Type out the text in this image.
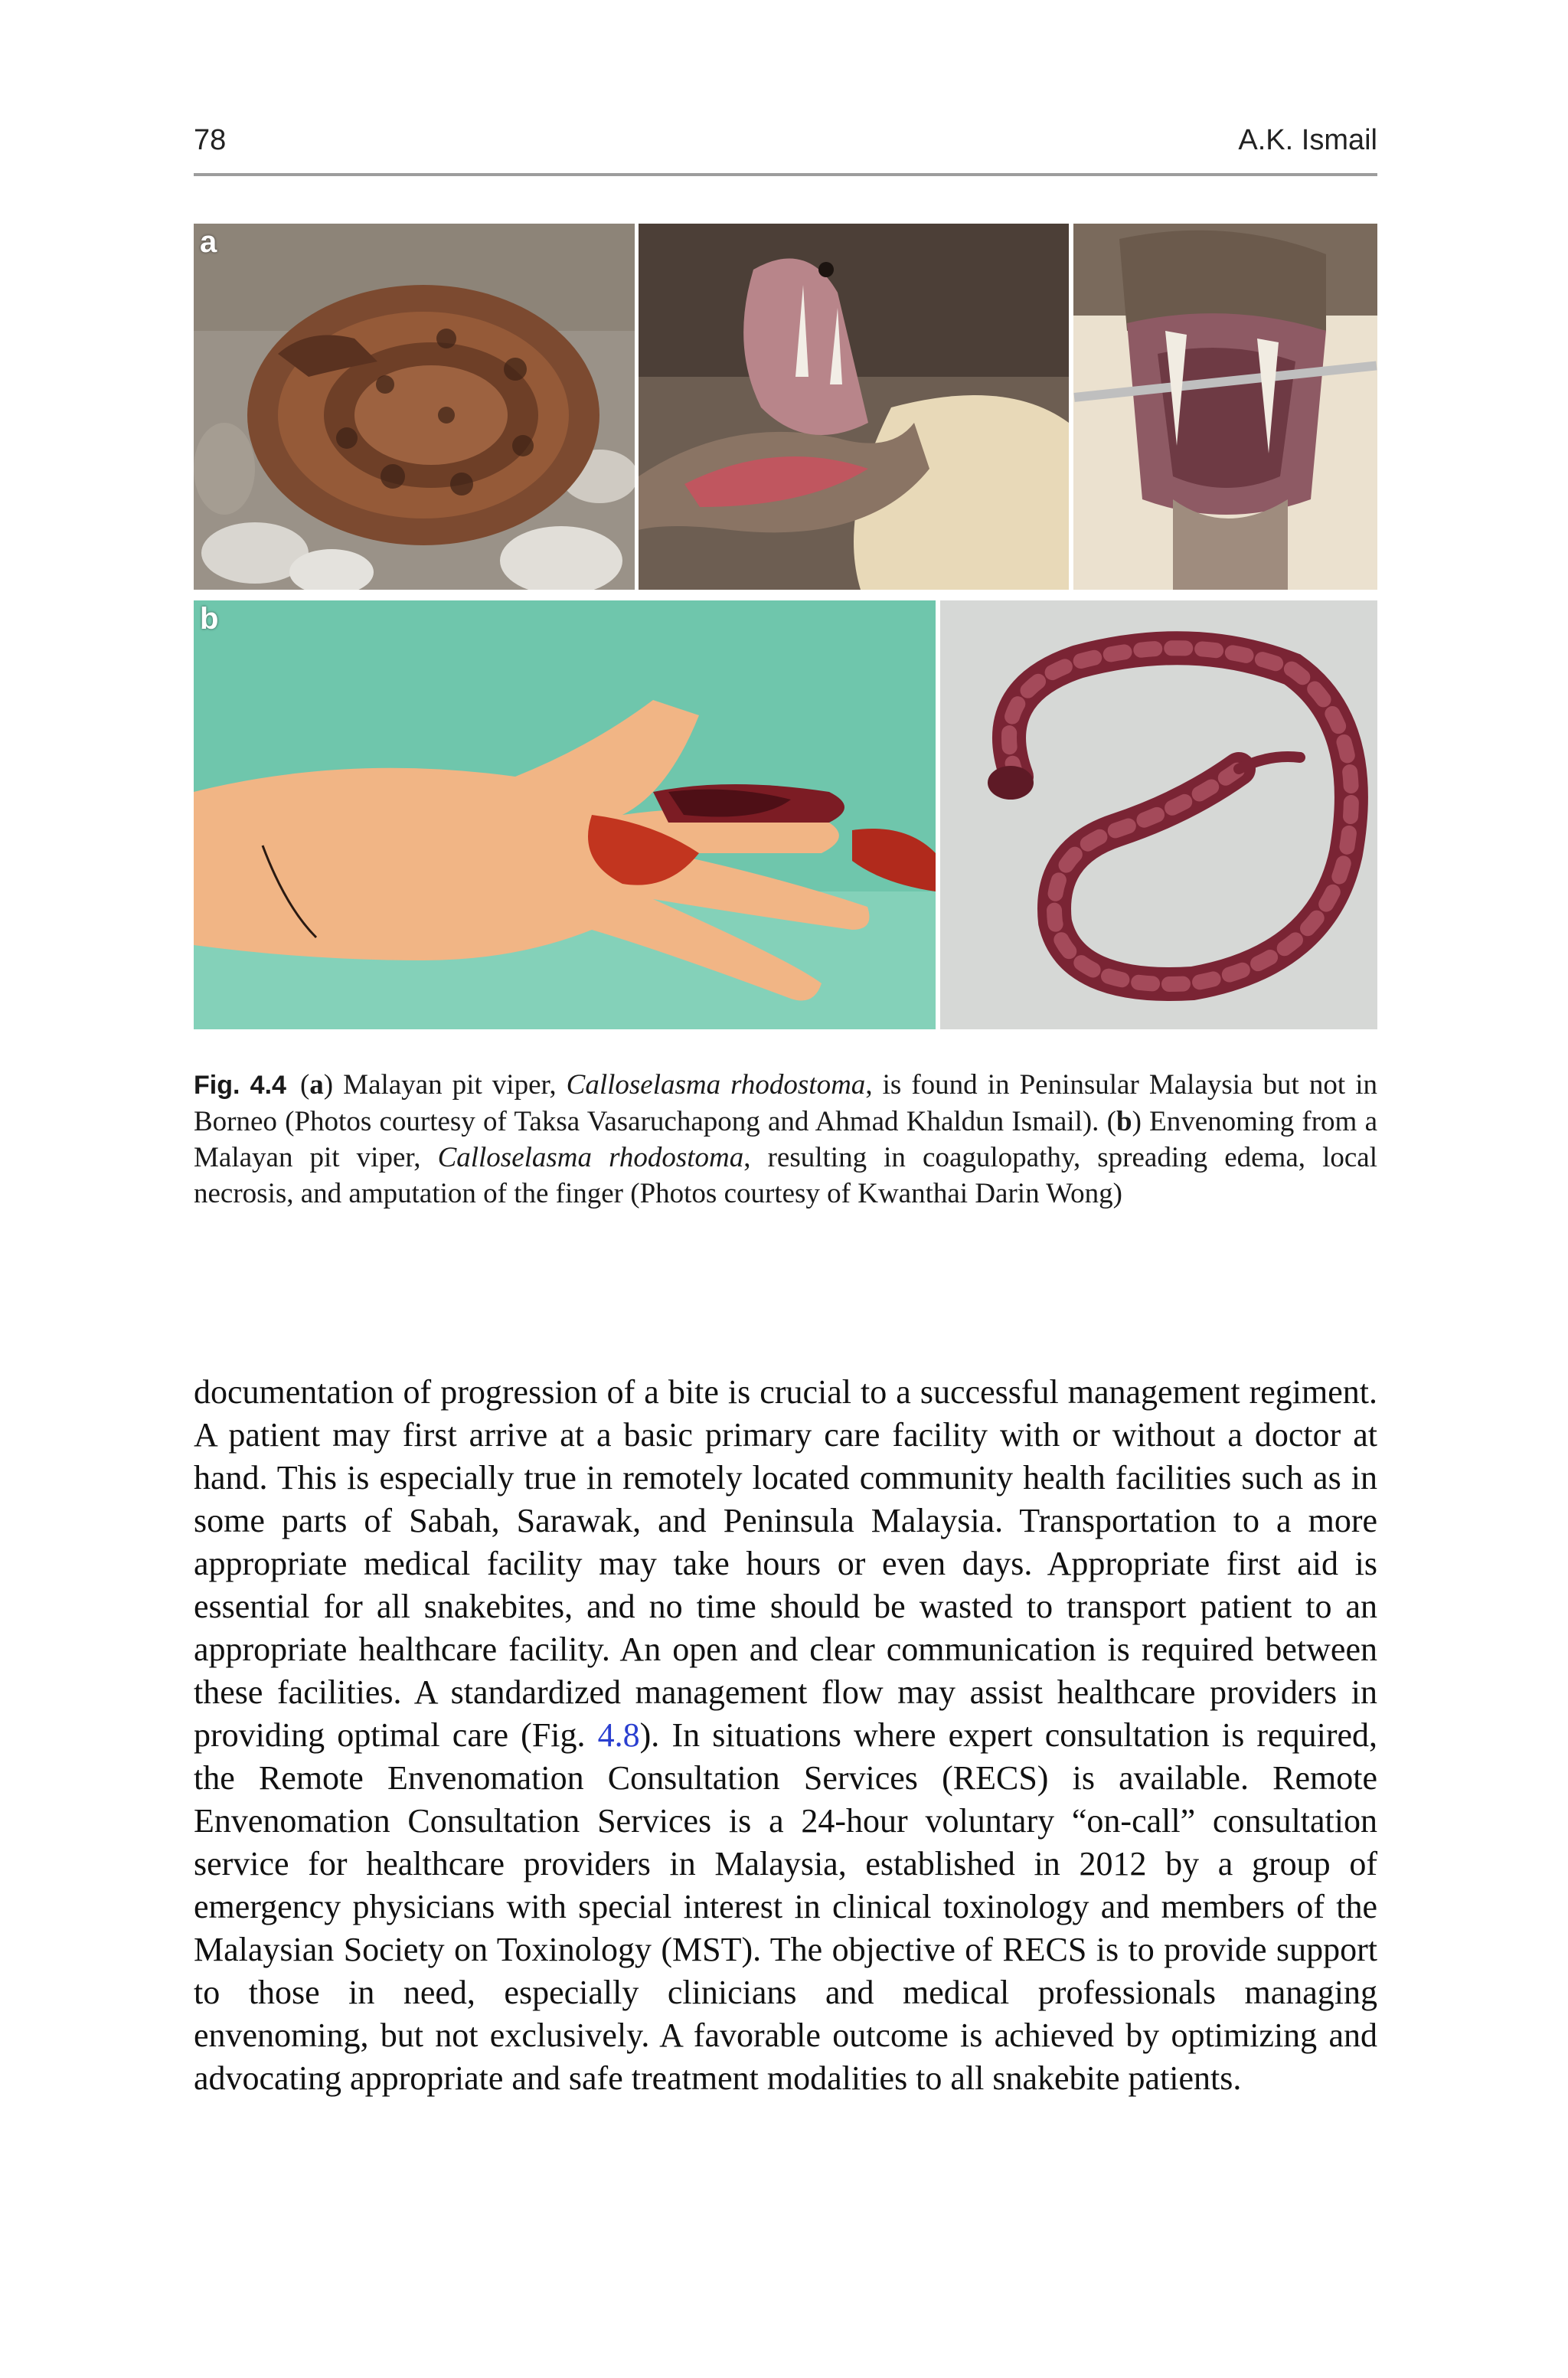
78	A.K. Ismail
a
b
Fig. 4.4 (a) Malayan pit viper, Calloselasma rhodostoma, is found in Peninsular Malaysia but not in Borneo (Photos courtesy of Taksa Vasaruchapong and Ahmad Khaldun Ismail). (b) Envenoming from a Malayan pit viper, Calloselasma rhodostoma, resulting in coagulopathy, spreading edema, local necrosis, and amputation of the finger (Photos courtesy of Kwanthai Darin Wong)
documentation of progression of a bite is crucial to a successful management regiment. A patient may first arrive at a basic primary care facility with or without a doctor at hand. This is especially true in remotely located community health facilities such as in some parts of Sabah, Sarawak, and Peninsula Malaysia. Transportation to a more appropriate medical facility may take hours or even days. Appropriate first aid is essential for all snakebites, and no time should be wasted to transport patient to an appropriate healthcare facility. An open and clear communication is required between these facilities. A standardized management flow may assist healthcare providers in providing optimal care (Fig. 4.8). In situations where expert consultation is required, the Remote Envenomation Consultation Services (RECS) is available. Remote Envenomation Consultation Services is a 24-hour voluntary “on-call” consultation service for healthcare providers in Malaysia, established in 2012 by a group of emergency physicians with special interest in clinical toxinology and members of the Malaysian Society on Toxinology (MST). The objective of RECS is to provide support to those in need, especially clinicians and medical professionals managing envenoming, but not exclusively. A favorable outcome is achieved by optimizing and advocating appropriate and safe treatment modalities to all snakebite patients.
